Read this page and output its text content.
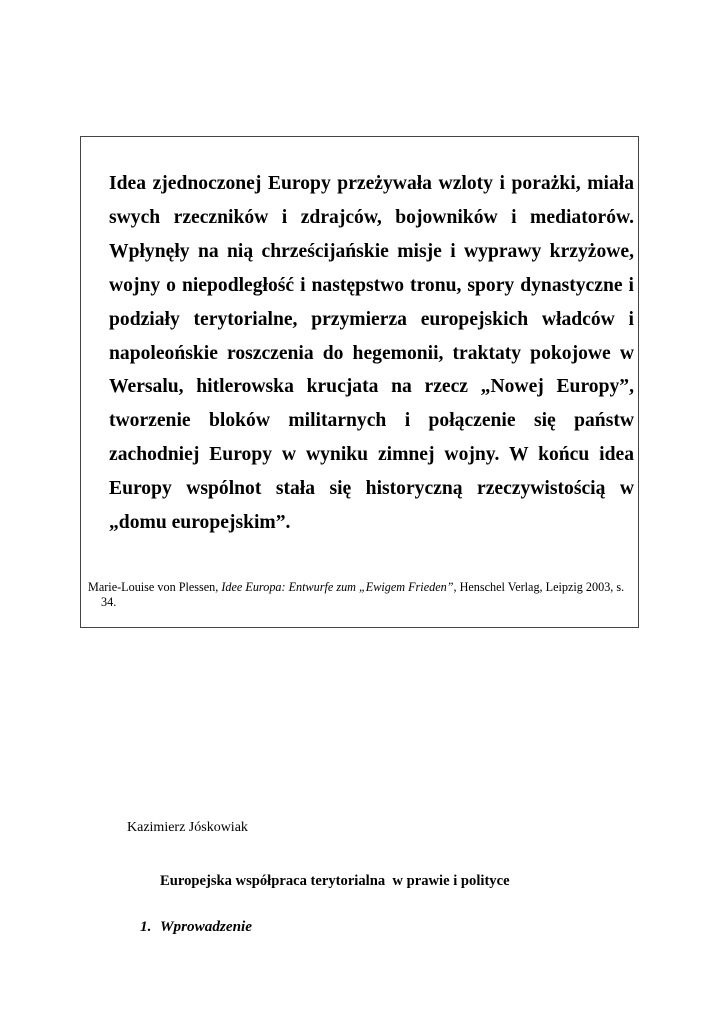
Idea zjednoczonej Europy przeżywała wzloty i porażki, miała swych rzeczników i zdrajców, bojowników i mediatorów. Wpłynęły na nią chrześcijańskie misje i wyprawy krzyżowe, wojny o niepodległość i następstwo tronu, spory dynastyczne i podziały terytorialne, przymierza europejskich władców i napoleońskie roszczenia do hegemonii, traktaty pokojowe w Wersalu, hitlerowska krucjata na rzecz „Nowej Europy”, tworzenie bloków militarnych i połączenie się państw zachodniej Europy w wyniku zimnej wojny. W końcu idea Europy wspólnot stała się historyczną rzeczywistością w „domu europejskim”.

Marie-Louise von Plessen, Idee Europa: Entwurfe zum „Ewigem Frieden”, Henschel Verlag, Leipzig 2003, s. 34.

Kazimierz Jóskowiak

Europejska współpraca terytorialna  w prawie i polityce

1. Wprowadzenie
